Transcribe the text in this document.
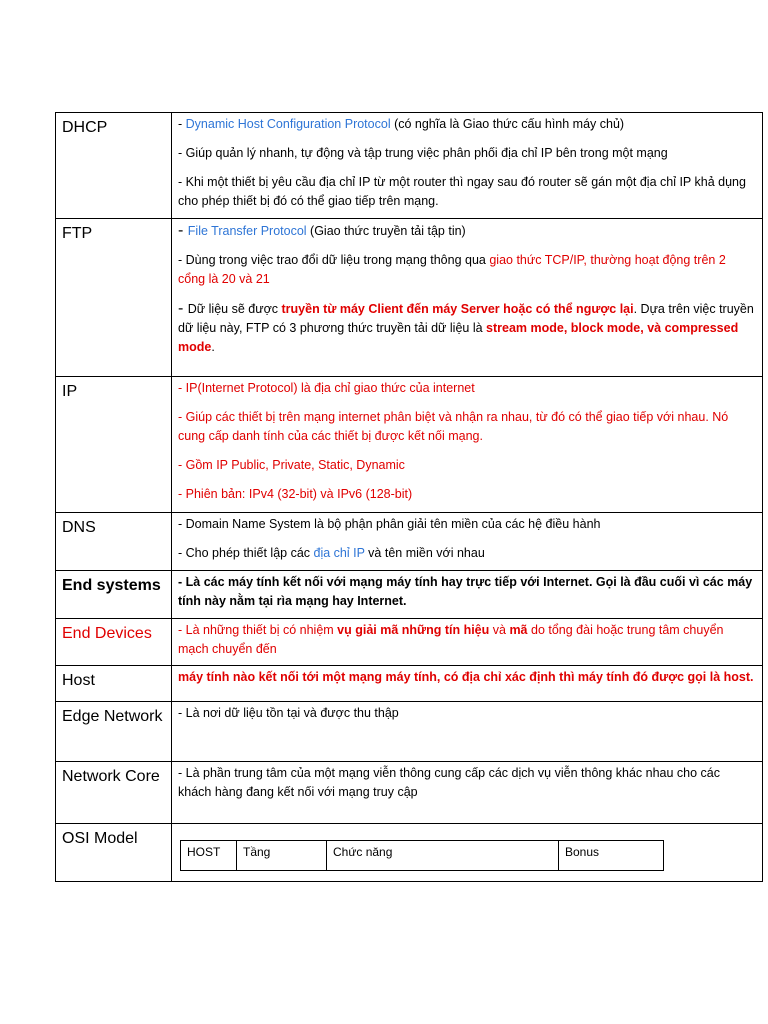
DHCP	- Dynamic Host Configuration Protocol (có nghĩa là Giao thức cấu hình máy chủ)

- Giúp quản lý nhanh, tự động và tập trung việc phân phối địa chỉ IP bên trong một mạng

- Khi một thiết bị yêu cầu địa chỉ IP từ một router thì ngay sau đó router sẽ gán một địa chỉ IP khả dụng cho phép thiết bị đó có thể giao tiếp trên mạng.

FTP	- File Transfer Protocol (Giao thức truyền tải tập tin)

- Dùng trong việc trao đổi dữ liệu trong mạng thông qua giao thức TCP/IP, thường hoạt động trên 2 cổng là 20 và 21

- Dữ liệu sẽ được truyền từ máy Client đến máy Server hoặc có thể ngược lại. Dựa trên việc truyền dữ liệu này, FTP có 3 phương thức truyền tải dữ liệu là stream mode, block mode, và compressed mode.

IP	- IP(Internet Protocol) là địa chỉ giao thức của internet

- Giúp các thiết bị trên mạng internet phân biệt và nhận ra nhau, từ đó có thể giao tiếp với nhau. Nó cung cấp danh tính của các thiết bị được kết nối mạng.

- Gồm IP Public, Private, Static, Dynamic

- Phiên bản: IPv4 (32-bit) và IPv6 (128-bit)

DNS	- Domain Name System là bộ phận phân giải tên miền của các hệ điều hành

- Cho phép thiết lập các địa chỉ IP và tên miền với nhau

End systems	- Là các máy tính kết nối với mạng máy tính hay trực tiếp với Internet. Gọi là đầu cuối vì các máy tính này nằm tại rìa mạng hay Internet.

End Devices	- Là những thiết bị có nhiệm vụ giải mã những tín hiệu và mã do tổng đài hoặc trung tâm chuyển mạch chuyển đến

Host	máy tính nào kết nối tới một mạng máy tính, có địa chỉ xác định thì máy tính đó được gọi là host.

Edge Network	- Là nơi dữ liệu tồn tại và được thu thập

Network Core	- Là phần trung tâm của một mạng viễn thông cung cấp các dịch vụ viễn thông khác nhau cho các khách hàng đang kết nối với mạng truy cập

OSI Model	
HOST	Tầng	Chức năng	Bonus
